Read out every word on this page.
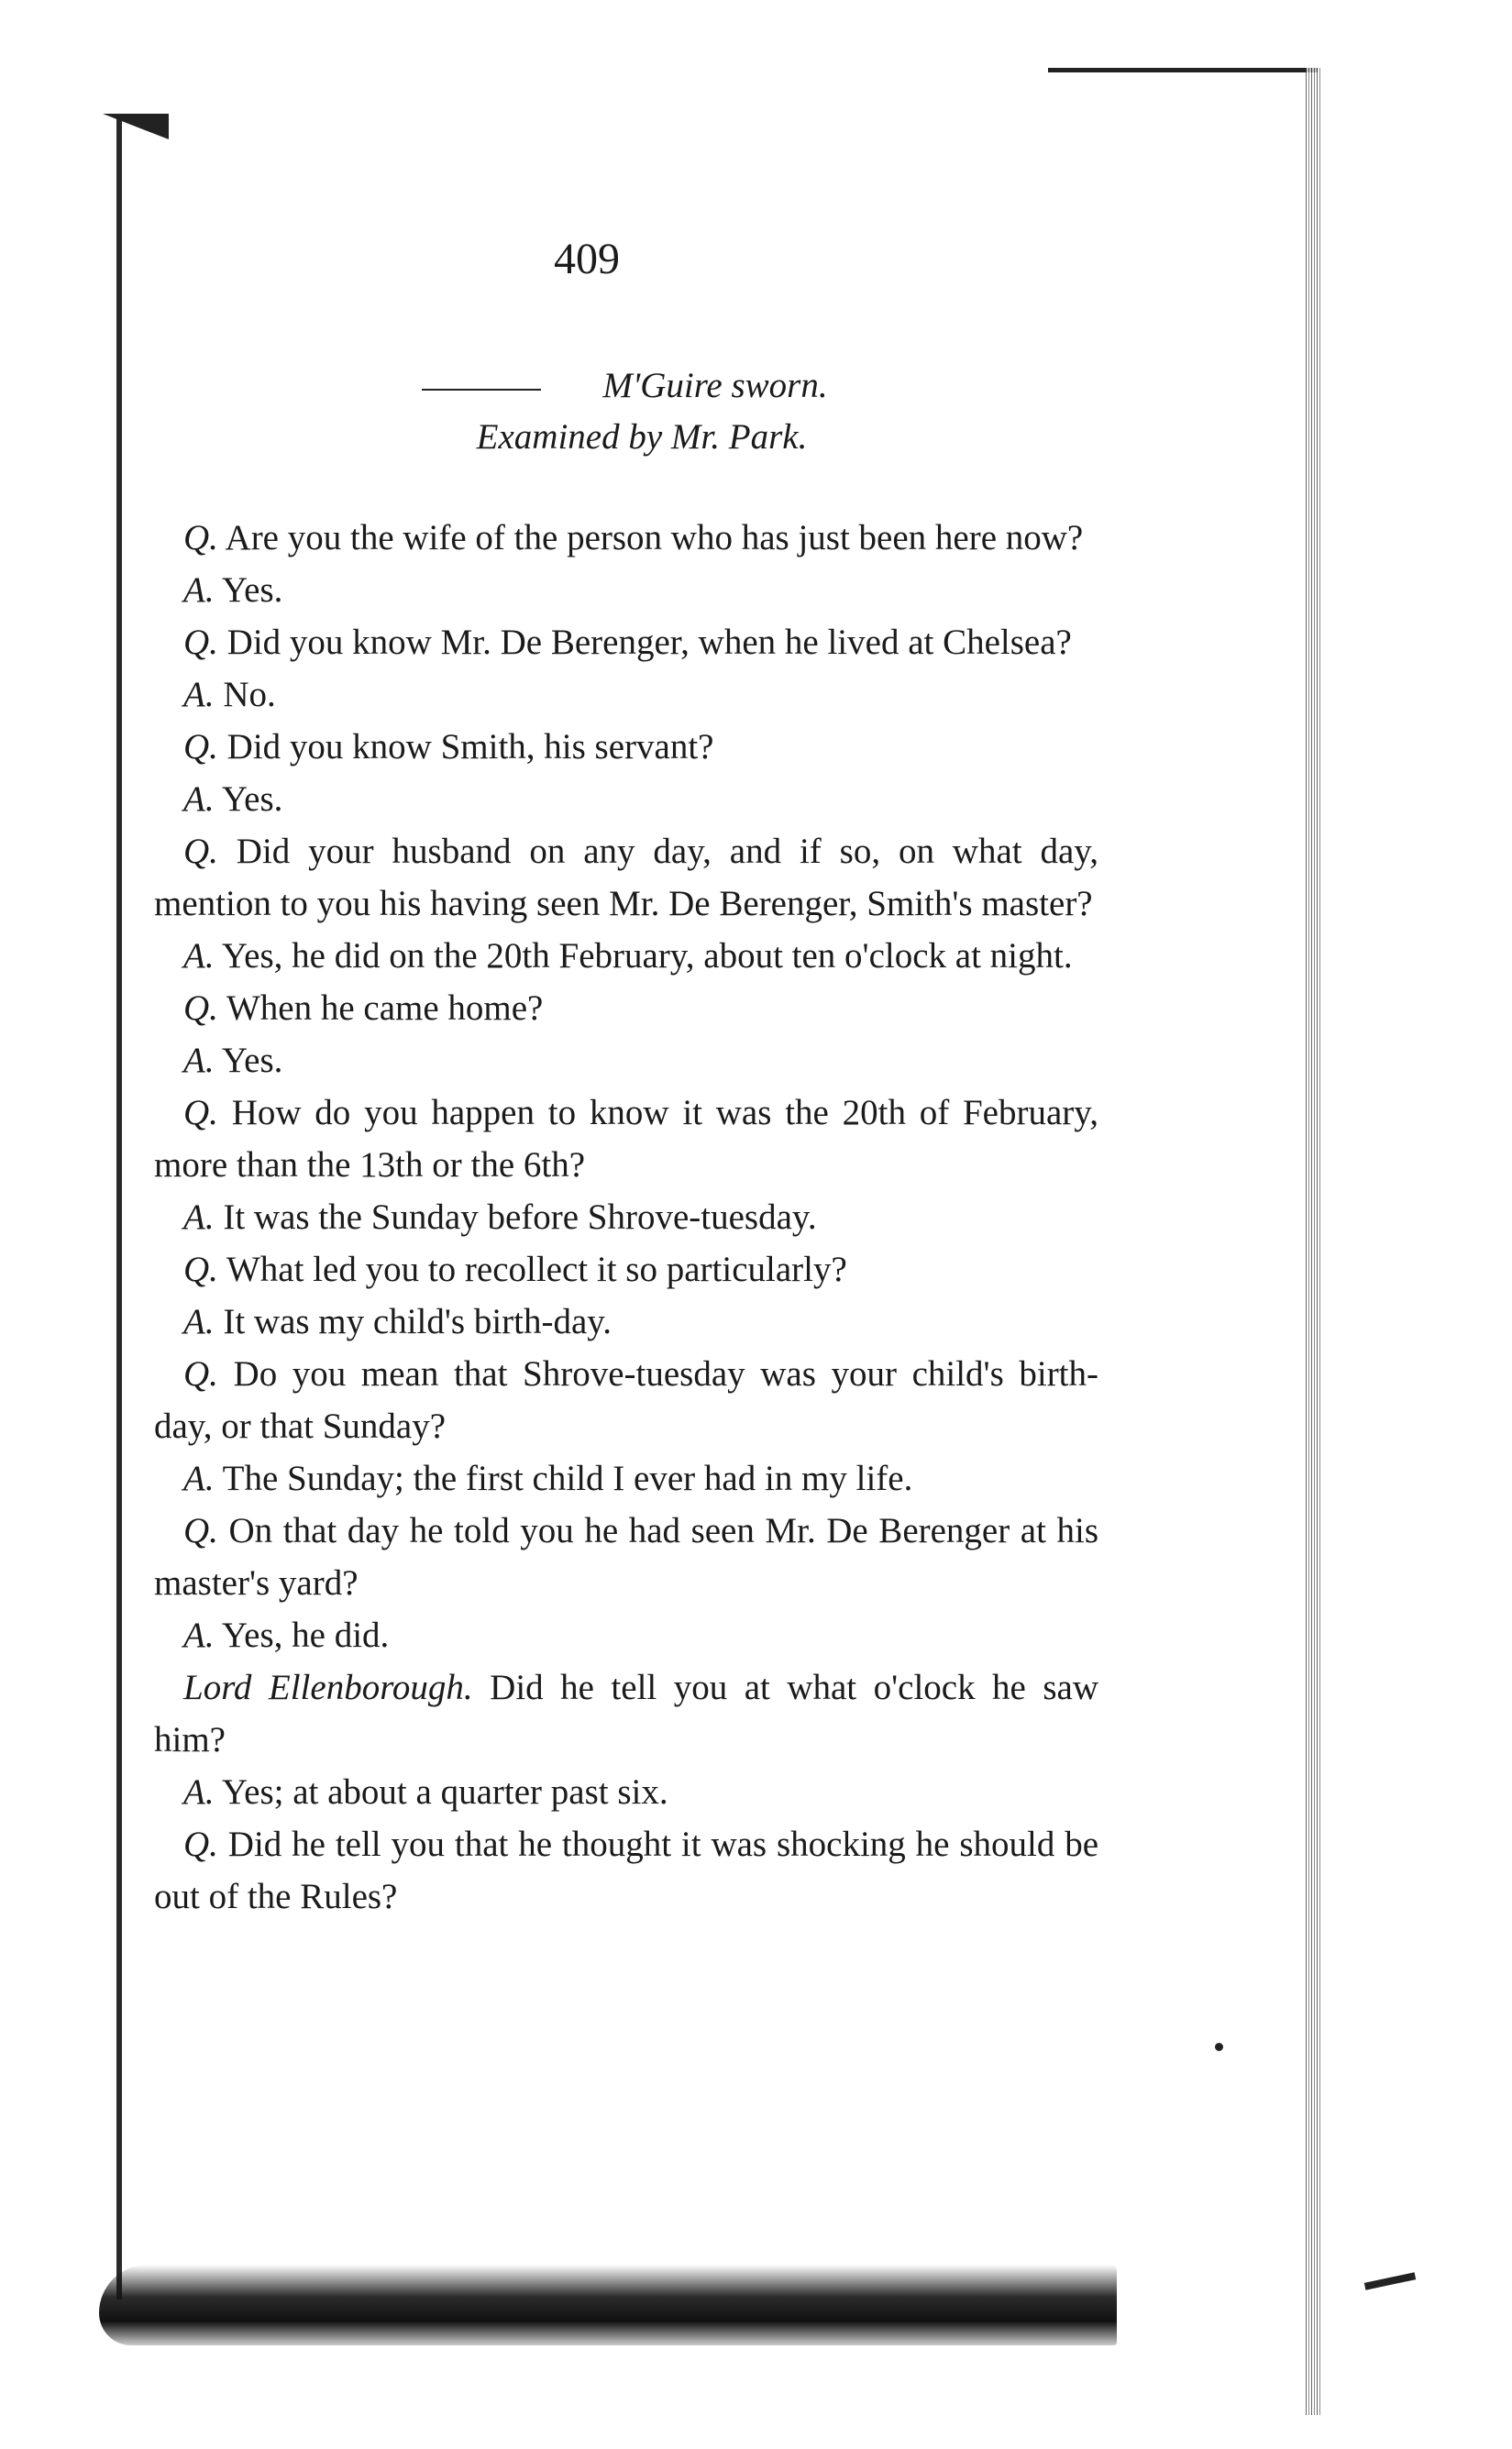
409
M'Guire sworn.
Examined by Mr. Park.

Q. Are you the wife of the person who has just been here now?

A. Yes.

Q. Did you know Mr. De Berenger, when he lived at Chelsea?

A. No.

Q. Did you know Smith, his servant?

A. Yes.

Q. Did your husband on any day, and if so, on what day, mention to you his having seen Mr. De Berenger, Smith's master?

A. Yes, he did on the 20th February, about ten o'clock at night.

Q. When he came home?

A. Yes.

Q. How do you happen to know it was the 20th of February, more than the 13th or the 6th?

A. It was the Sunday before Shrove-tuesday.

Q. What led you to recollect it so particularly?

A. It was my child's birth-day.

Q. Do you mean that Shrove-tuesday was your child's birth-day, or that Sunday?

A. The Sunday; the first child I ever had in my life.

Q. On that day he told you he had seen Mr. De Berenger at his master's yard?

A. Yes, he did.

Lord Ellenborough. Did he tell you at what o'clock he saw him?

A. Yes; at about a quarter past six.

Q. Did he tell you that he thought it was shocking he should be out of the Rules?
